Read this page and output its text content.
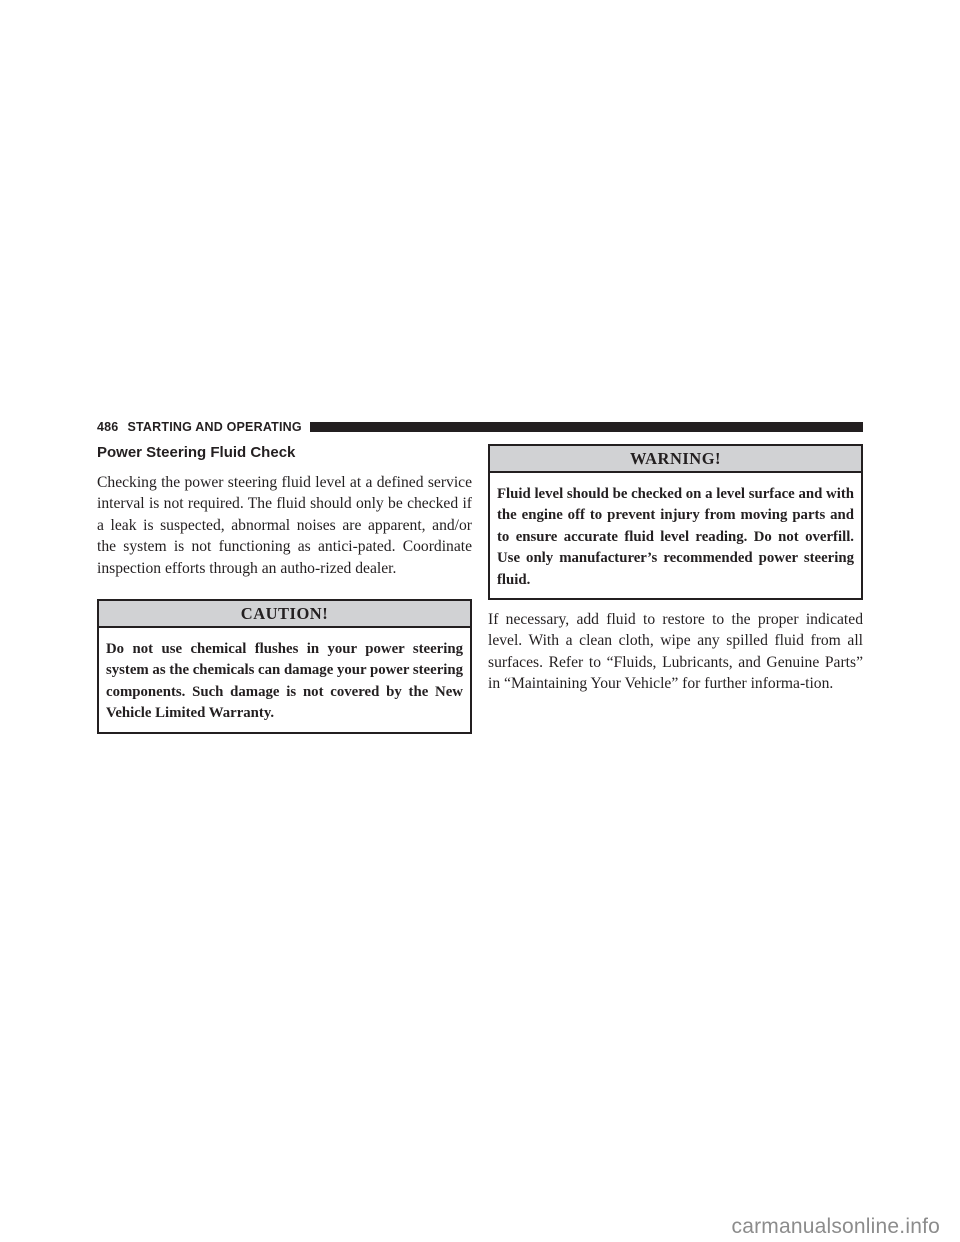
486 STARTING AND OPERATING
Power Steering Fluid Check

Checking the power steering fluid level at a defined service interval is not required. The fluid should only be checked if a leak is suspected, abnormal noises are apparent, and/or the system is not functioning as antici-pated. Coordinate inspection efforts through an autho-rized dealer.

CAUTION!
Do not use chemical flushes in your power steering system as the chemicals can damage your power steering components. Such damage is not covered by the New Vehicle Limited Warranty.
WARNING!
Fluid level should be checked on a level surface and with the engine off to prevent injury from moving parts and to ensure accurate fluid level reading. Do not overfill. Use only manufacturer’s recommended power steering fluid.

If necessary, add fluid to restore to the proper indicated level. With a clean cloth, wipe any spilled fluid from all surfaces. Refer to “Fluids, Lubricants, and Genuine Parts” in “Maintaining Your Vehicle” for further informa-tion.

carmanualsonline.info
